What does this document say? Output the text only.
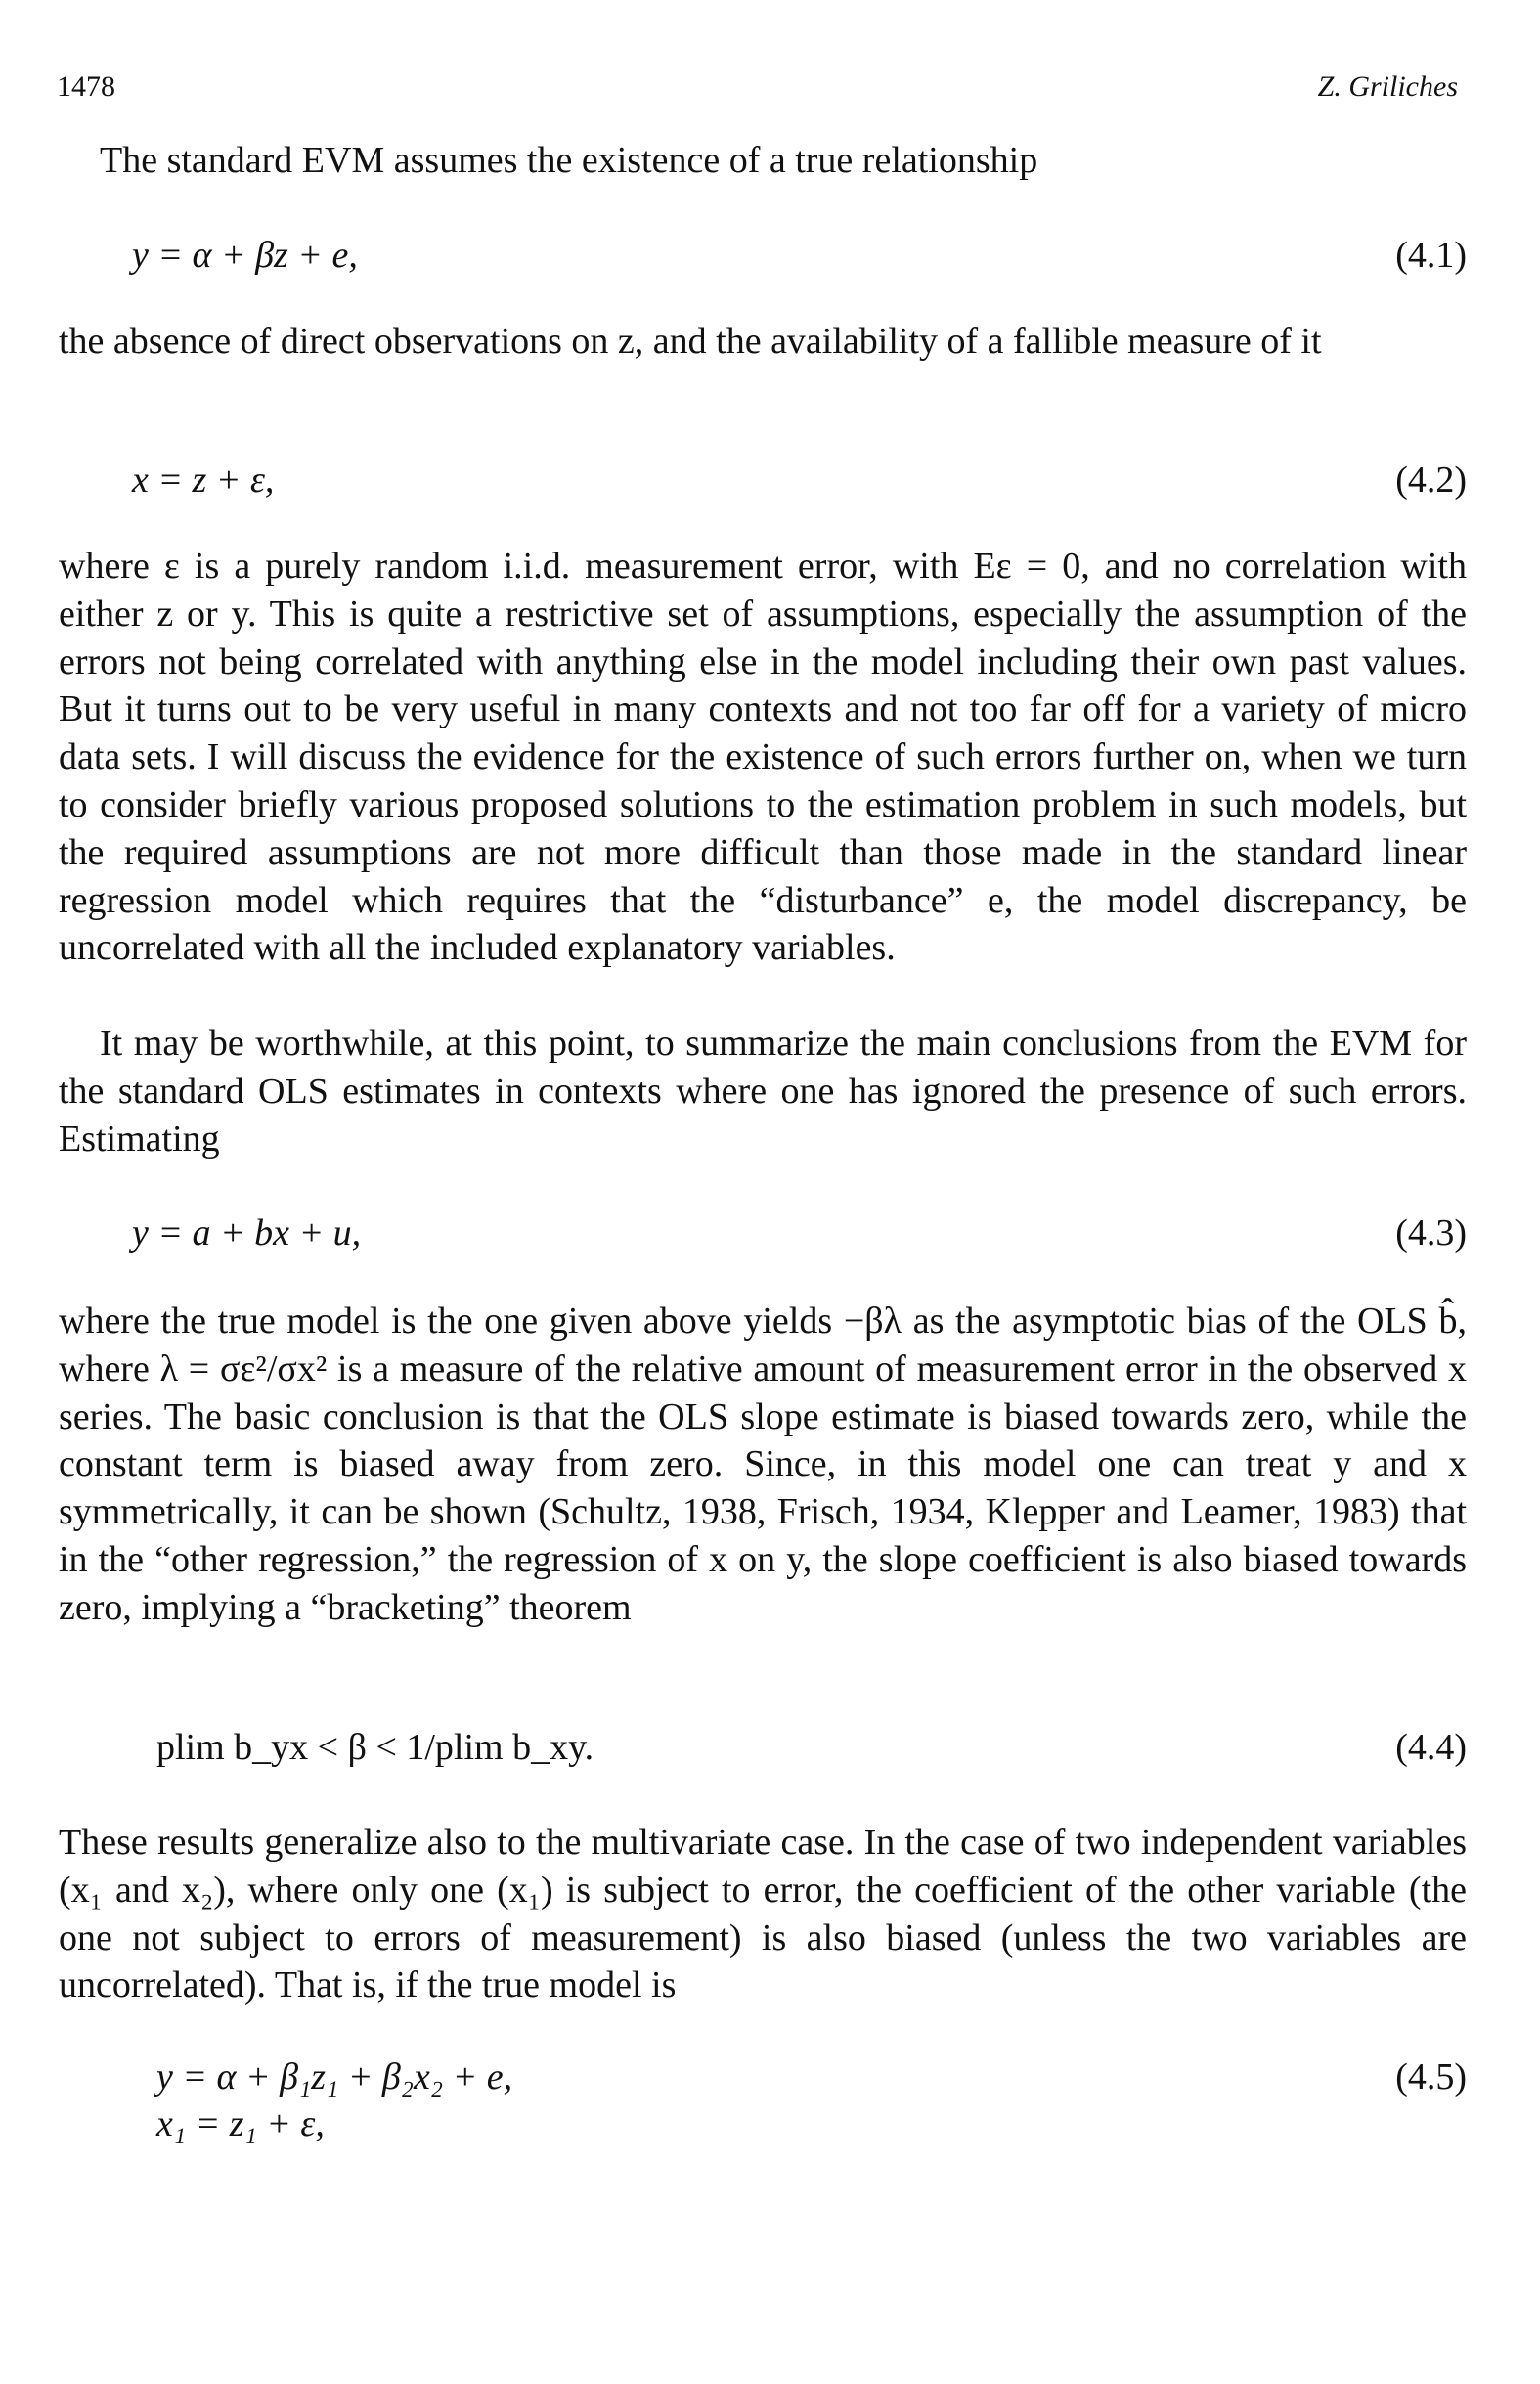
1478	Z. Griliches
The standard EVM assumes the existence of a true relationship
y = α + βz + e,	(4.1)
the absence of direct observations on z, and the availability of a fallible measure of it
x = z + ε,	(4.2)
where ε is a purely random i.i.d. measurement error, with Eε = 0, and no correlation with either z or y. This is quite a restrictive set of assumptions, especially the assumption of the errors not being correlated with anything else in the model including their own past values. But it turns out to be very useful in many contexts and not too far off for a variety of micro data sets. I will discuss the evidence for the existence of such errors further on, when we turn to consider briefly various proposed solutions to the estimation problem in such models, but the required assumptions are not more difficult than those made in the standard linear regression model which requires that the “disturbance” e, the model discrepancy, be uncorrelated with all the included explanatory variables.
It may be worthwhile, at this point, to summarize the main conclusions from the EVM for the standard OLS estimates in contexts where one has ignored the presence of such errors. Estimating
y = a + bx + u,	(4.3)
where the true model is the one given above yields −βλ as the asymptotic bias of the OLS b̂, where λ = σε²/σx² is a measure of the relative amount of measurement error in the observed x series. The basic conclusion is that the OLS slope estimate is biased towards zero, while the constant term is biased away from zero. Since, in this model one can treat y and x symmetrically, it can be shown (Schultz, 1938, Frisch, 1934, Klepper and Leamer, 1983) that in the “other regression,” the regression of x on y, the slope coefficient is also biased towards zero, implying a “bracketing” theorem
plim b_yx < β < 1/plim b_xy.	(4.4)
These results generalize also to the multivariate case. In the case of two independent variables (x₁ and x₂), where only one (x₁) is subject to error, the coefficient of the other variable (the one not subject to errors of measurement) is also biased (unless the two variables are uncorrelated). That is, if the true model is
y = α + β₁z₁ + β₂x₂ + e,	(4.5)
x₁ = z₁ + ε,
